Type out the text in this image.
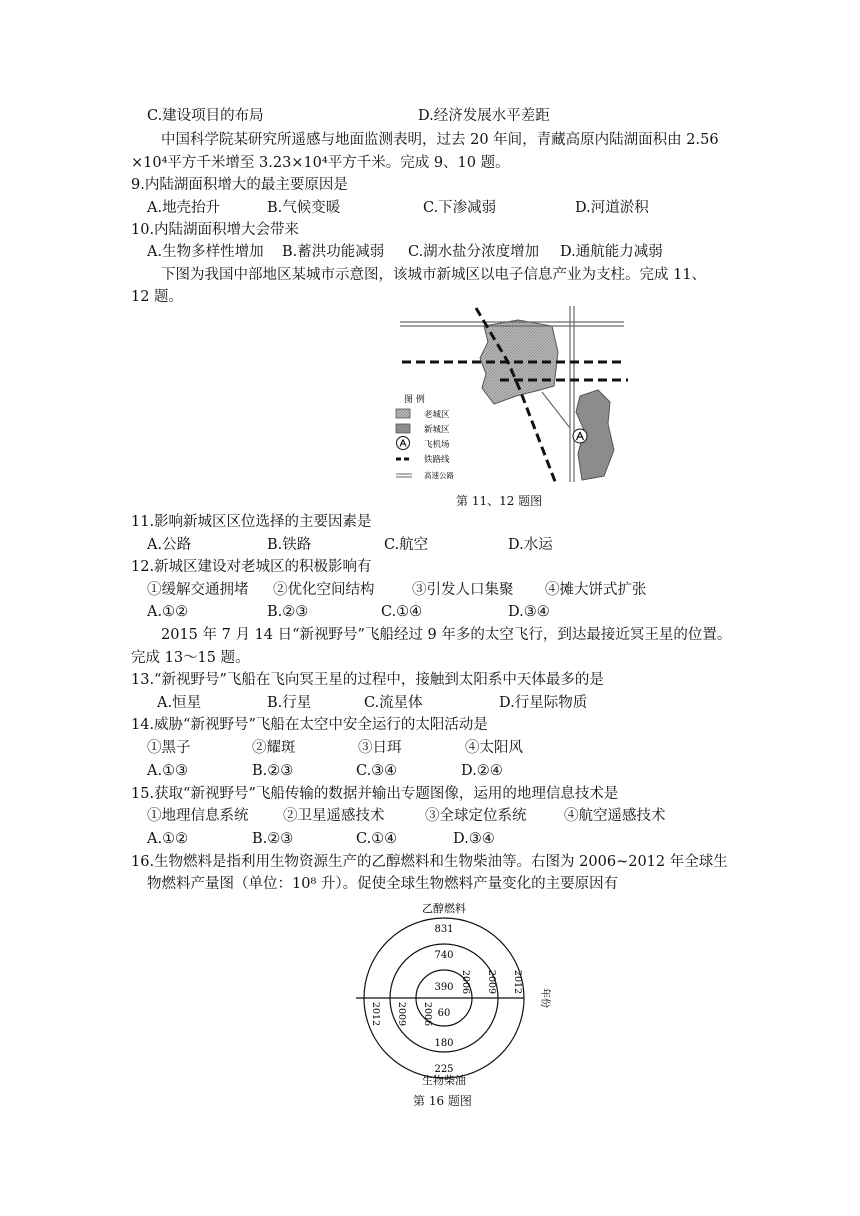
C.建设项目的布局	D.经济发展水平差距
中国科学院某研究所遥感与地面监测表明，过去 20 年间，青藏高原内陆湖面积由 2.56
×10⁴平方千米增至 3.23×10⁴平方千米。完成 9、10 题。
9.内陆湖面积增大的最主要原因是
A.地壳抬升	B.气候变暖	C.下渗减弱	D.河道淤积
10.内陆湖面积增大会带来
A.生物多样性增加 B.蓄洪功能减弱 C.湖水盐分浓度增加 D.通航能力减弱
下图为我国中部地区某城市示意图，该城市新城区以电子信息产业为支柱。完成 11、
12 题。
图 例
老城区
新城区
飞机场
铁路线
高速公路
第 11、12 题图
11.影响新城区区位选择的主要因素是
A.公路	B.铁路	C.航空	D.水运
12.新城区建设对老城区的积极影响有
①缓解交通拥堵 ②优化空间结构	③引发人口集聚 ④摊大饼式扩张
A.①②	B.②③	C.①④	D.③④
2015 年 7 月 14 日“新视野号”飞船经过 9 年多的太空飞行，到达最接近冥王星的位置。
完成 13～15 题。
13.“新视野号”飞船在飞向冥王星的过程中，接触到太阳系中天体最多的是
A.恒星	B.行星	C.流星体	D.行星际物质
14.威胁“新视野号”飞船在太空中安全运行的太阳活动是
①黑子	②耀斑	③日珥	④太阳风
A.①③	B.②③	C.③④	D.②④
15.获取“新视野号”飞船传输的数据并输出专题图像，运用的地理信息技术是
①地理信息系统 ②卫星遥感技术	③全球定位系统	④航空遥感技术
A.①②	B.②③	C.①④	D.③④
16.生物燃料是指利用生物资源生产的乙醇燃料和生物柴油等。右图为 2006~2012 年全球生
物燃料产量图（单位：10⁸ 升）。促使全球生物燃料产量变化的主要原因有
390
740
831
60
180
225
2006
2006
2009
2009
2012
2012
乙醇燃料
生物柴油
年份
第 16 题图
